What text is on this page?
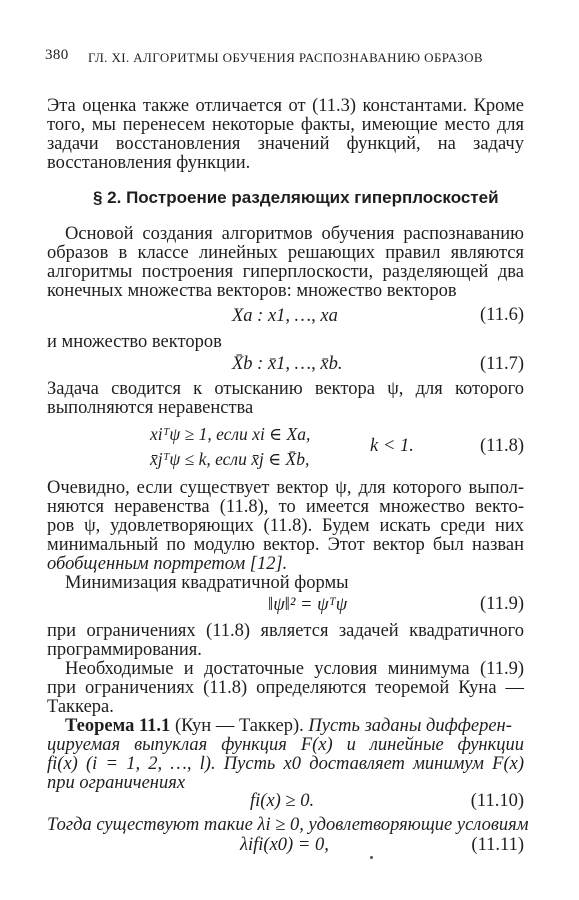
380 ГЛ. XI. АЛГОРИТМЫ ОБУЧЕНИЯ РАСПОЗНАВАНИЮ ОБРАЗОВ
Эта оценка также отличается от (11.3) константами. Кроме
того, мы перенесем некоторые факты, имеющие место для
задачи восстановления значений функций, на задачу
восстановления функции.
§ 2. Построение разделяющих гиперплоскостей
Основой создания алгоритмов обучения распознаванию
образов в классе линейных решающих правил являются
алгоритмы построения гиперплоскости, разделяющей два
конечных множества векторов: множество векторов
Xa : x1, …, xa	(11.6)
и множество векторов
X̄b : x̄1, …, x̄b.	(11.7)
Задача сводится к отысканию вектора ψ, для которого
выполняются неравенства
xiᵀψ ≥ 1, если xi ∈ Xa,
x̄jᵀψ ≤ k, если x̄j ∈ X̄b,
k < 1.	(11.8)
Очевидно, если существует вектор ψ, для которого выпол-
няются неравенства (11.8), то имеется множество векто-
ров ψ, удовлетворяющих (11.8). Будем искать среди них
минимальный по модулю вектор. Этот вектор был назван
обобщенным портретом [12].
Минимизация квадратичной формы
‖ψ‖² = ψᵀψ	(11.9)
при ограничениях (11.8) является задачей квадратичного
программирования.
Необходимые и достаточные условия минимума (11.9)
при ограничениях (11.8) определяются теоремой Куна —
Таккера.
Теорема 11.1 (Кун — Таккер). Пусть заданы дифферен-
цируемая выпуклая функция F(x) и линейные функции
fi(x) (i = 1, 2, …, l). Пусть x0 доставляет минимум F(x)
при ограничениях
fi(x) ≥ 0.	(11.10)
Тогда существуют такие λi ≥ 0, удовлетворяющие условиям
λifi(x0) = 0,	(11.11)
